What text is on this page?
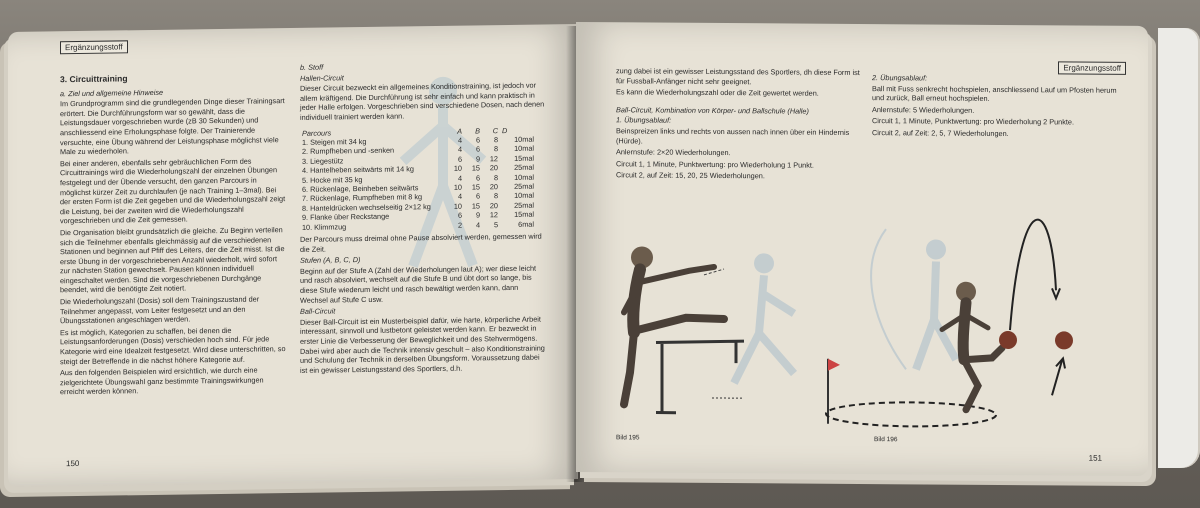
Ergänzungsstoff
3. Circuittraining
a. Ziel und allgemeine Hinweise

Im Grundprogramm sind die grundlegenden Dinge dieser Trainingsart erörtert. Die Durchführungsform war so gewählt, dass die Leistungsdauer vorgeschrieben wurde (zB 30 Sekunden) und anschliessend eine Erholungsphase folgte. Der Trainierende versuchte, eine Übung während der Leistungsphase möglichst viele Male zu wiederholen.

Bei einer anderen, ebenfalls sehr gebräuchlichen Form des Circuittrainings wird die Wiederholungszahl der einzelnen Übungen festgelegt und der Übende versucht, den ganzen Parcours in möglichst kürzer Zeit zu durchlaufen (je nach Training 1–3mal). Bei der ersten Form ist die Zeit gegeben und die Wiederholungszahl zeigt die Leistung, bei der zweiten wird die Wiederholungszahl vorgeschrieben und die Zeit gemessen.

Die Organisation bleibt grundsätzlich die gleiche. Zu Beginn verteilen sich die Teilnehmer ebenfalls gleichmässig auf die verschiedenen Stationen und beginnen auf Pfiff des Leiters, der die Zeit misst. Ist die erste Übung in der vorgeschriebenen Anzahl wiederholt, wird sofort zur nächsten Station gewechselt. Pausen können individuell eingeschaltet werden. Sind die vorgeschriebenen Durchgänge beendet, wird die benötigte Zeit notiert.

Die Wiederholungszahl (Dosis) soll dem Trainingszustand der Teilnehmer angepasst, vom Leiter festgesetzt und an den Übungsstationen angeschlagen werden.

Es ist möglich, Kategorien zu schaffen, bei denen die Leistungsanforderungen (Dosis) verschieden hoch sind. Für jede Kategorie wird eine Idealzeit festgesetzt. Wird diese unterschritten, so steigt der Betreffende in die nächst höhere Kategorie auf.

Aus den folgenden Beispielen wird ersichtlich, wie durch eine zielgerichtete Übungswahl ganz bestimmte Trainingswirkungen erreicht werden können.

b. Stoff
Hallen-Circuit

Dieser Circuit bezweckt ein allgemeines Konditionstraining, ist jedoch vor allem kräftigend. Die Durchführung ist sehr einfach und kann praktisch in jeder Halle erfolgen. Vorgeschrieben sind verschiedene Dosen, nach denen individuell trainiert werden kann.

Parcours	A	B	C	D
1. Steigen mit 34 kg	4	6	8	10mal
2. Rumpfheben und -senken	4	6	8	10mal
3. Liegestütz	6	9	12	15mal
4. Hantelheben seitwärts mit 14 kg	10	15	20	25mal
5. Hocke mit 35 kg	4	6	8	10mal
6. Rückenlage, Beinheben seitwärts	10	15	20	25mal
7. Rückenlage, Rumpfheben mit 8 kg	4	6	8	10mal
8. Hanteldrücken wechselseitig 2×12 kg	10	15	20	25mal
9. Flanke über Reckstange	6	9	12	15mal
10. Klimmzug	2	4	5	6mal

Der Parcours muss dreimal ohne Pause absolviert werden, gemessen wird die Zeit.

Stufen (A, B, C, D)

Beginn auf der Stufe A (Zahl der Wiederholungen laut A); wer diese leicht und rasch absolviert, wechselt auf die Stufe B und übt dort so lange, bis diese Stufe wiederum leicht und rasch bewältigt werden kann, dann Wechsel auf Stufe C usw.

Ball-Circuit

Dieser Ball-Circuit ist ein Musterbeispiel dafür, wie harte, körperliche Arbeit interessant, sinnvoll und lustbetont geleistet werden kann. Er bezweckt in erster Linie die Verbesserung der Beweglichkeit und des Stehvermögens. Dabei wird aber auch die Technik intensiv geschult – also Konditionstraining und Schulung der Technik in derselben Übungsform. Voraussetzung dabei ist ein gewisser Leistungsstand des Sportlers, d.h.

150
Ergänzungsstoff

zung dabei ist ein gewisser Leistungsstand des Sportlers, dh diese Form ist für Fussball-Anfänger nicht sehr geeignet.

Es kann die Wiederholungszahl oder die Zeit gewertet werden.

Ball-Circuit, Kombination von Körper- und Ballschule (Halle)
1. Übungsablauf:

Beinspreizen links und rechts von aussen nach innen über ein Hindernis (Hürde).

Anlernstufe: 2×20 Wiederholungen.

Circuit 1, 1 Minute, Punktwertung: pro Wiederholung 1 Punkt.

Circuit 2, auf Zeit: 15, 20, 25 Wiederholungen.

2. Übungsablauf:

Ball mit Fuss senkrecht hochspielen, anschliessend Lauf um Pfosten herum und zurück, Ball erneut hochspielen.

Anlernstufe: 5 Wiederholungen.

Circuit 1, 1 Minute, Punktwertung: pro Wiederholung 2 Punkte.

Circuit 2, auf Zeit: 2, 5, 7 Wiederholungen.

Bild 195	Bild 196
151
